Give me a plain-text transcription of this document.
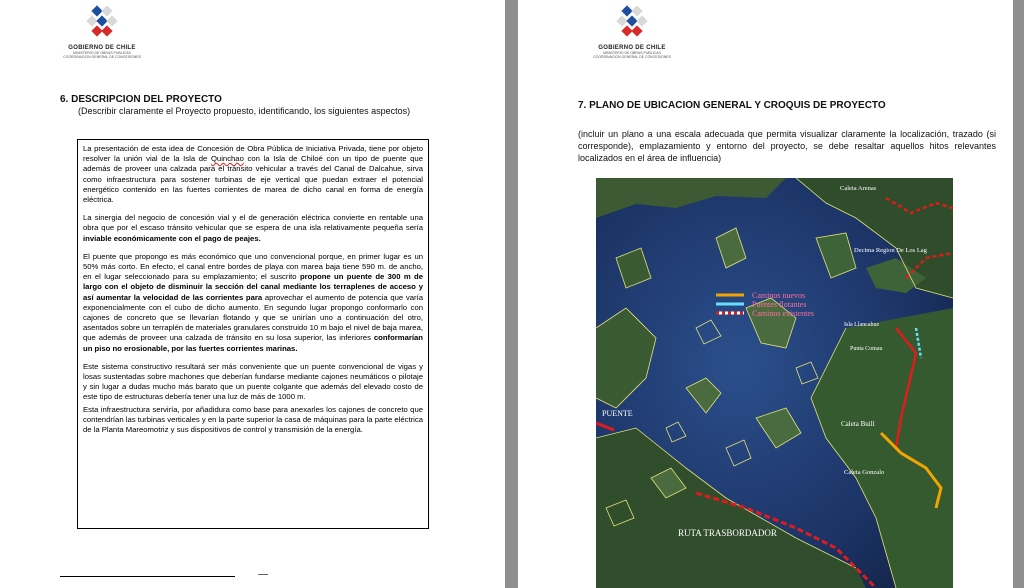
GOBIERNO DE CHILE
MINISTERIO DE OBRAS PUBLICAS
COORDINACION GENERAL DE CONCESIONES
6. DESCRIPCION DEL PROYECTO
(Describir claramente el Proyecto propuesto, identificando, los siguientes aspectos)

La presentación de esta idea de Concesión de Obra Pública de Iniciativa Privada, tiene por objeto resolver la unión vial de la Isla de Quinchao con la Isla de Chiloé con un tipo de puente que además de proveer una calzada para el tránsito vehicular a través del Canal de Dalcahue, sirva como infraestructura para sostener turbinas de eje vertical que puedan extraer el potencial energético contenido en las fuertes corrientes de marea de dicho canal en forma de energía eléctrica.

La sinergia del negocio de concesión vial y el de generación eléctrica convierte en rentable una obra que por el escaso tránsito vehicular que se espera de una isla relativamente pequeña sería inviable económicamente con el pago de peajes.

El puente que propongo es más económico que uno convencional porque, en primer lugar es un 50% más corto. En efecto, el canal entre bordes de playa con marea baja tiene 590 m. de ancho, en el lugar seleccionado para su emplazamiento; el suscrito propone un puente de 300 m de largo con el objeto de disminuir la sección del canal mediante los terraplenes de acceso y así aumentar la velocidad de las corrientes para aprovechar el aumento de potencia que varía exponencialmente con el cubo de dicho aumento. En segundo lugar propongo conformarlo con cajones de concreto que se llevarían flotando y que se unirían uno a continuación del otro, asentados sobre un terraplén de materiales granulares construido 10 m bajo el nivel de baja marea, que además de proveer una calzada de tránsito en su losa superior, las inferiores conformarían un piso no erosionable, por las fuertes corrientes marinas.

Este sistema constructivo resultará ser más conveniente que un puente convencional de vigas y losas sustentadas sobre machones que deberían fundarse mediante cajones neumáticos o pilotaje y sin lugar a dudas mucho más barato que un puente colgante que además del elevado costo de este tipo de estructuras debería tener una luz de más de 1000 m.

Esta infraestructura serviría, por añadidura como base para anexarles los cajones de concreto que contendrían las turbinas verticales y en la parte superior la casa de máquinas para la parte eléctrica de la Planta Mareomotriz y sus dispositivos de control y transmisión de la energía.

GOBIERNO DE CHILE
MINISTERIO DE OBRAS PUBLICAS
COORDINACION GENERAL DE CONCESIONES
7. PLANO DE UBICACION GENERAL Y CROQUIS DE PROYECTO
(incluir un plano a una escala adecuada que permita visualizar claramente la localización, trazado (si corresponde), emplazamiento y entorno del proyecto, se debe resaltar aquellos hitos relevantes localizados en el área de influencia)
Caminos nuevos
Puentes flotantes
Caminos existentes
Caleta Arenas
Decima Region De Los Lag
Isla Llancahue
Punta Comau
PUENTE
Caleta Buill
Caleta Gonzalo
RUTA TRASBORDADOR
